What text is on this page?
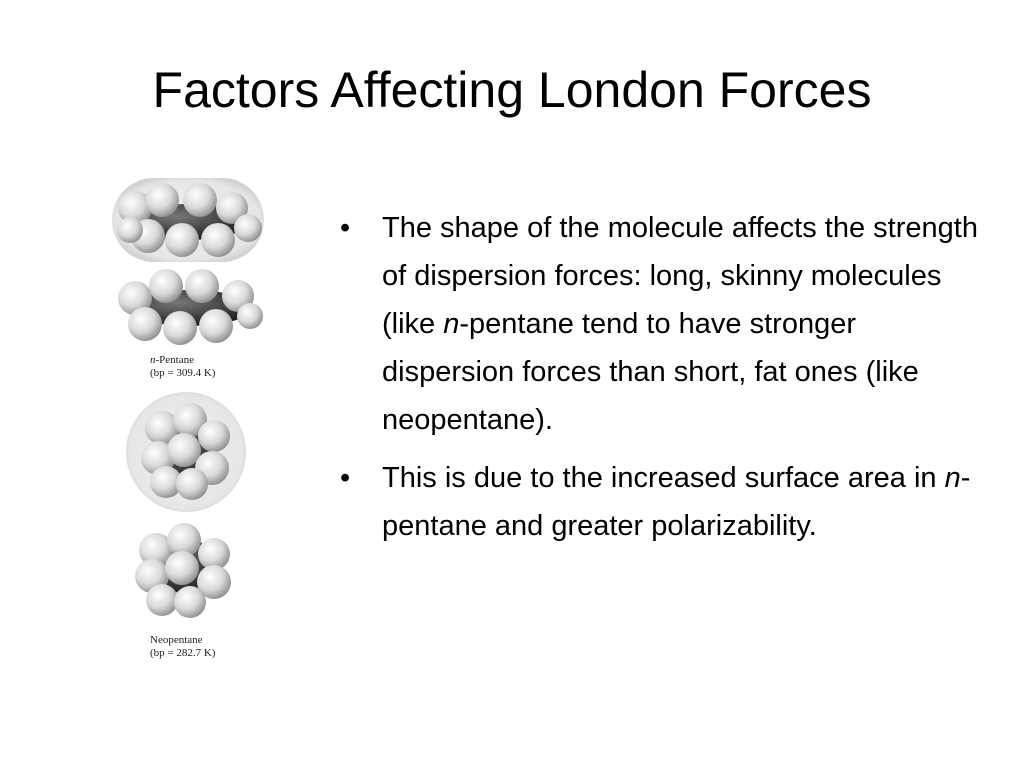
Factors Affecting London Forces
n-Pentane
(bp = 309.4 K)
Neopentane
(bp = 282.7 K)
• The shape of the molecule affects the strength of dispersion forces: long, skinny molecules (like n-pentane tend to have stronger dispersion forces than short, fat ones (like neopentane).
• This is due to the increased surface area in n-pentane and greater polarizability.
